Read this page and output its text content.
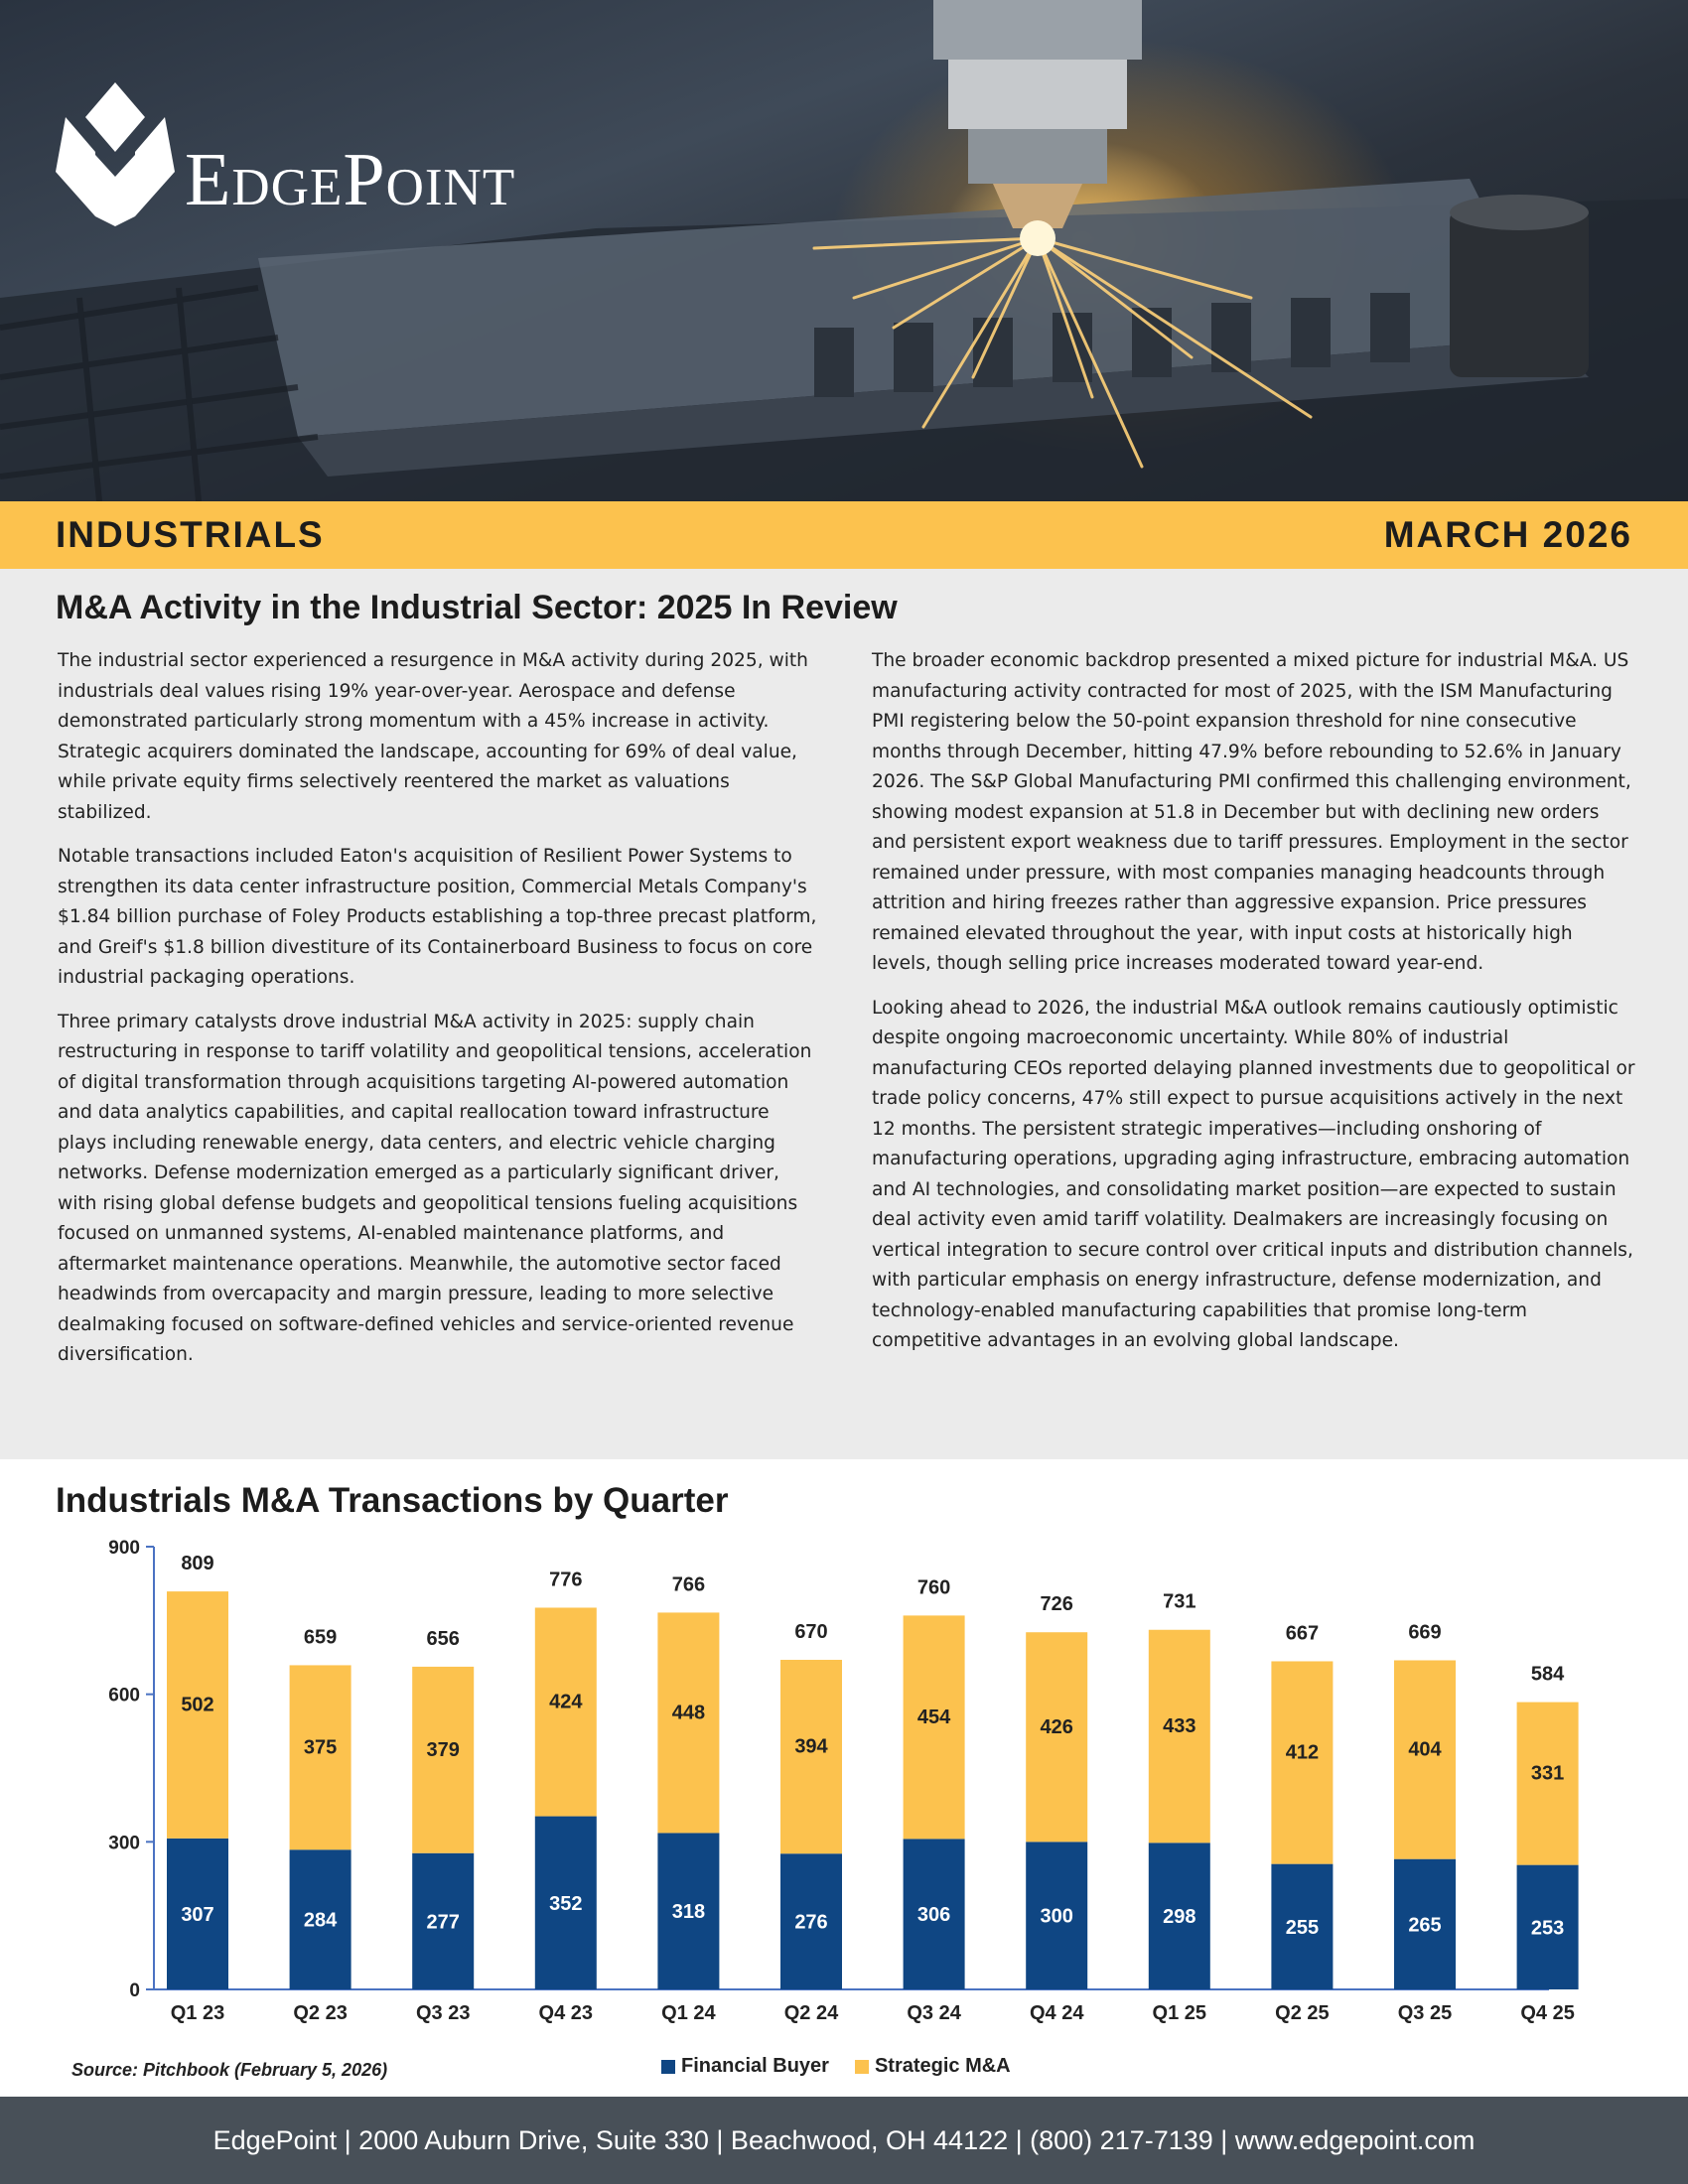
EdgePoint
INDUSTRIALS	MARCH 2026
M&A Activity in the Industrial Sector: 2025 In Review

The industrial sector experienced a resurgence in M&A activity during 2025, with industrials deal values rising 19% year-over-year. Aerospace and defense demonstrated particularly strong momentum with a 45% increase in activity. Strategic acquirers dominated the landscape, accounting for 69% of deal value, while private equity firms selectively reentered the market as valuations stabilized.

Notable transactions included Eaton's acquisition of Resilient Power Systems to strengthen its data center infrastructure position, Commercial Metals Company's $1.84 billion purchase of Foley Products establishing a top-three precast platform, and Greif's $1.8 billion divestiture of its Containerboard Business to focus on core industrial packaging operations.

Three primary catalysts drove industrial M&A activity in 2025: supply chain restructuring in response to tariff volatility and geopolitical tensions, acceleration of digital transformation through acquisitions targeting AI-powered automation and data analytics capabilities, and capital reallocation toward infrastructure plays including renewable energy, data centers, and electric vehicle charging networks. Defense modernization emerged as a particularly significant driver, with rising global defense budgets and geopolitical tensions fueling acquisitions focused on unmanned systems, AI-enabled maintenance platforms, and aftermarket maintenance operations. Meanwhile, the automotive sector faced headwinds from overcapacity and margin pressure, leading to more selective dealmaking focused on software-defined vehicles and service-oriented revenue diversification.

The broader economic backdrop presented a mixed picture for industrial M&A. US manufacturing activity contracted for most of 2025, with the ISM Manufacturing PMI registering below the 50-point expansion threshold for nine consecutive months through December, hitting 47.9% before rebounding to 52.6% in January 2026. The S&P Global Manufacturing PMI confirmed this challenging environment, showing modest expansion at 51.8 in December but with declining new orders and persistent export weakness due to tariff pressures. Employment in the sector remained under pressure, with most companies managing headcounts through attrition and hiring freezes rather than aggressive expansion. Price pressures remained elevated throughout the year, with input costs at historically high levels, though selling price increases moderated toward year-end.

Looking ahead to 2026, the industrial M&A outlook remains cautiously optimistic despite ongoing macroeconomic uncertainty. While 80% of industrial manufacturing CEOs reported delaying planned investments due to geopolitical or trade policy concerns, 47% still expect to pursue acquisitions actively in the next 12 months. The persistent strategic imperatives—including onshoring of manufacturing operations, upgrading aging infrastructure, embracing automation and AI technologies, and consolidating market position—are expected to sustain deal activity even amid tariff volatility. Dealmakers are increasingly focusing on vertical integration to secure control over critical inputs and distribution channels, with particular emphasis on energy infrastructure, defense modernization, and technology-enabled manufacturing capabilities that promise long-term competitive advantages in an evolving global landscape.

Industrials M&A Transactions by Quarter
0
300
600
900
307
502
809
Q1 23
284
375
659
Q2 23
277
379
656
Q3 23
352
424
776
Q4 23
318
448
766
Q1 24
276
394
670
Q2 24
306
454
760
Q3 24
300
426
726
Q4 24
298
433
731
Q1 25
255
412
667
Q2 25
265
404
669
Q3 25
253
331
584
Q4 25
Source: Pitchbook (February 5, 2026)	Financial Buyer Strategic M&A
EdgePoint | 2000 Auburn Drive, Suite 330 | Beachwood, OH 44122 | (800) 217-7139 | www.edgepoint.com
